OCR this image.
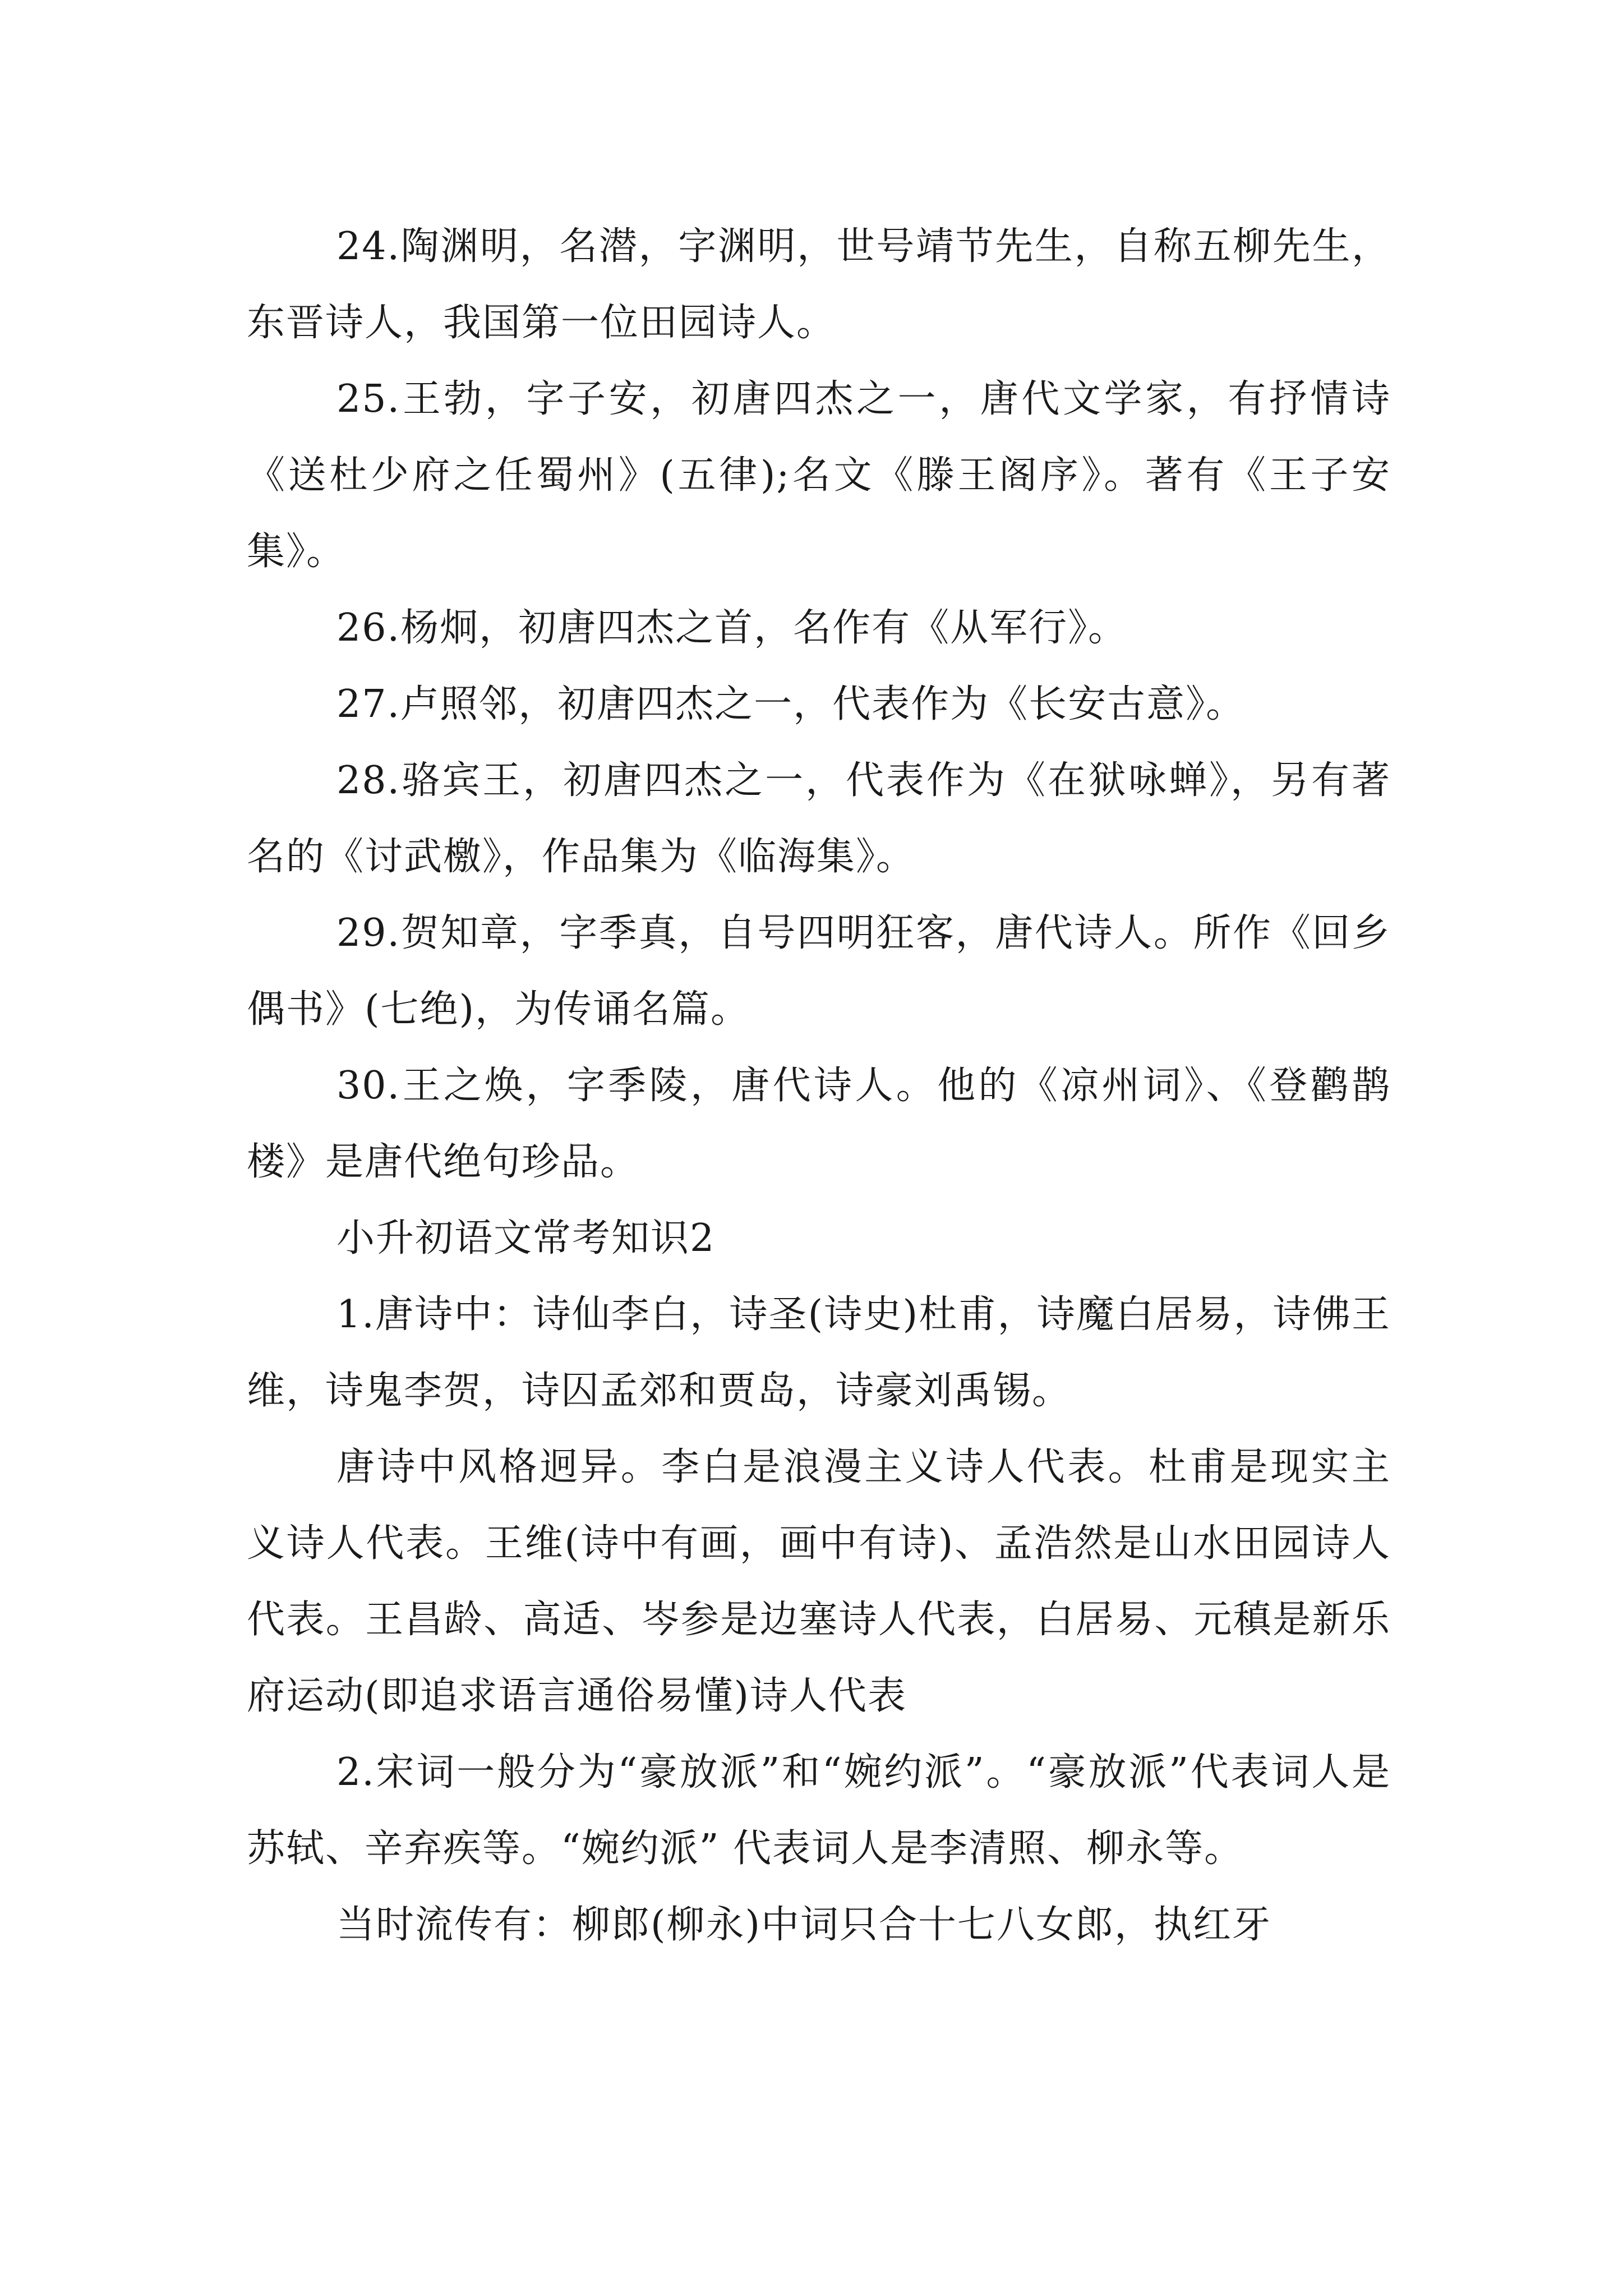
24.陶渊明，名潜，字渊明，世号靖节先生，自称五柳先生，东晋诗人，我国第一位田园诗人。

25.王勃，字子安，初唐四杰之一，唐代文学家，有抒情诗《送杜少府之任蜀州》(五律);名文《滕王阁序》。著有《王子安集》。

26.杨炯，初唐四杰之首，名作有《从军行》。

27.卢照邻，初唐四杰之一，代表作为《长安古意》。

28.骆宾王，初唐四杰之一，代表作为《在狱咏蝉》，另有著名的《讨武檄》，作品集为《临海集》。

29.贺知章，字季真，自号四明狂客，唐代诗人。所作《回乡偶书》(七绝)，为传诵名篇。

30.王之焕，字季陵，唐代诗人。他的《凉州词》、《登鹳鹊楼》是唐代绝句珍品。

小升初语文常考知识2

1.唐诗中：诗仙李白，诗圣(诗史)杜甫，诗魔白居易，诗佛王维，诗鬼李贺，诗囚孟郊和贾岛，诗豪刘禹锡。

唐诗中风格迥异。李白是浪漫主义诗人代表。杜甫是现实主义诗人代表。王维(诗中有画，画中有诗)、孟浩然是山水田园诗人代表。王昌龄、高适、岑参是边塞诗人代表，白居易、元稹是新乐府运动(即追求语言通俗易懂)诗人代表

2.宋词一般分为“豪放派”和“婉约派”。“豪放派”代表词人是苏轼、辛弃疾等。“婉约派” 代表词人是李清照、柳永等。

当时流传有：柳郎(柳永)中词只合十七八女郎，执红牙
